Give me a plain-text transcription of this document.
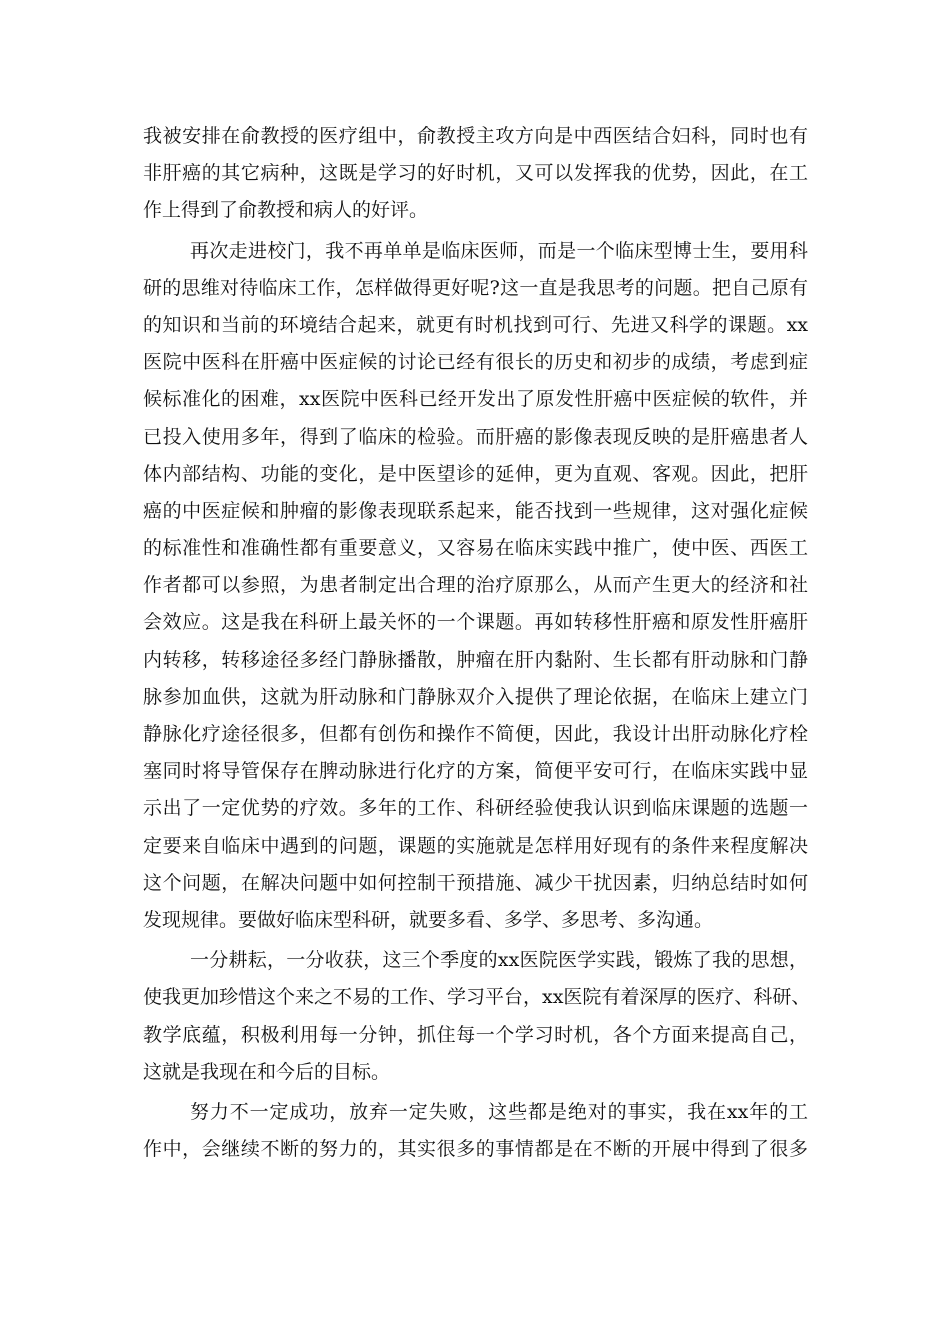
我被安排在俞教授的医疗组中，俞教授主攻方向是中西医结合妇科，同时也有
非肝癌的其它病种，这既是学习的好时机，又可以发挥我的优势，因此，在工
作上得到了俞教授和病人的好评。
再次走进校门，我不再单单是临床医师，而是一个临床型博士生，要用科
研的思维对待临床工作，怎样做得更好呢?这一直是我思考的问题。把自己原有
的知识和当前的环境结合起来，就更有时机找到可行、先进又科学的课题。xx
医院中医科在肝癌中医症候的讨论已经有很长的历史和初步的成绩，考虑到症
候标准化的困难，xx医院中医科已经开发出了原发性肝癌中医症候的软件，并
已投入使用多年，得到了临床的检验。而肝癌的影像表现反映的是肝癌患者人
体内部结构、功能的变化，是中医望诊的延伸，更为直观、客观。因此，把肝
癌的中医症候和肿瘤的影像表现联系起来，能否找到一些规律，这对强化症候
的标准性和准确性都有重要意义，又容易在临床实践中推广，使中医、西医工
作者都可以参照，为患者制定出合理的治疗原那么，从而产生更大的经济和社
会效应。这是我在科研上最关怀的一个课题。再如转移性肝癌和原发性肝癌肝
内转移，转移途径多经门静脉播散，肿瘤在肝内黏附、生长都有肝动脉和门静
脉参加血供，这就为肝动脉和门静脉双介入提供了理论依据，在临床上建立门
静脉化疗途径很多，但都有创伤和操作不简便，因此，我设计出肝动脉化疗栓
塞同时将导管保存在脾动脉进行化疗的方案，简便平安可行，在临床实践中显
示出了一定优势的疗效。多年的工作、科研经验使我认识到临床课题的选题一
定要来自临床中遇到的问题，课题的实施就是怎样用好现有的条件来程度解决
这个问题，在解决问题中如何控制干预措施、减少干扰因素，归纳总结时如何
发现规律。要做好临床型科研，就要多看、多学、多思考、多沟通。
一分耕耘，一分收获，这三个季度的xx医院医学实践，锻炼了我的思想，
使我更加珍惜这个来之不易的工作、学习平台，xx医院有着深厚的医疗、科研、
教学底蕴，积极利用每一分钟，抓住每一个学习时机，各个方面来提高自己，
这就是我现在和今后的目标。
努力不一定成功，放弃一定失败，这些都是绝对的事实，我在xx年的工
作中，会继续不断的努力的，其实很多的事情都是在不断的开展中得到了很多
